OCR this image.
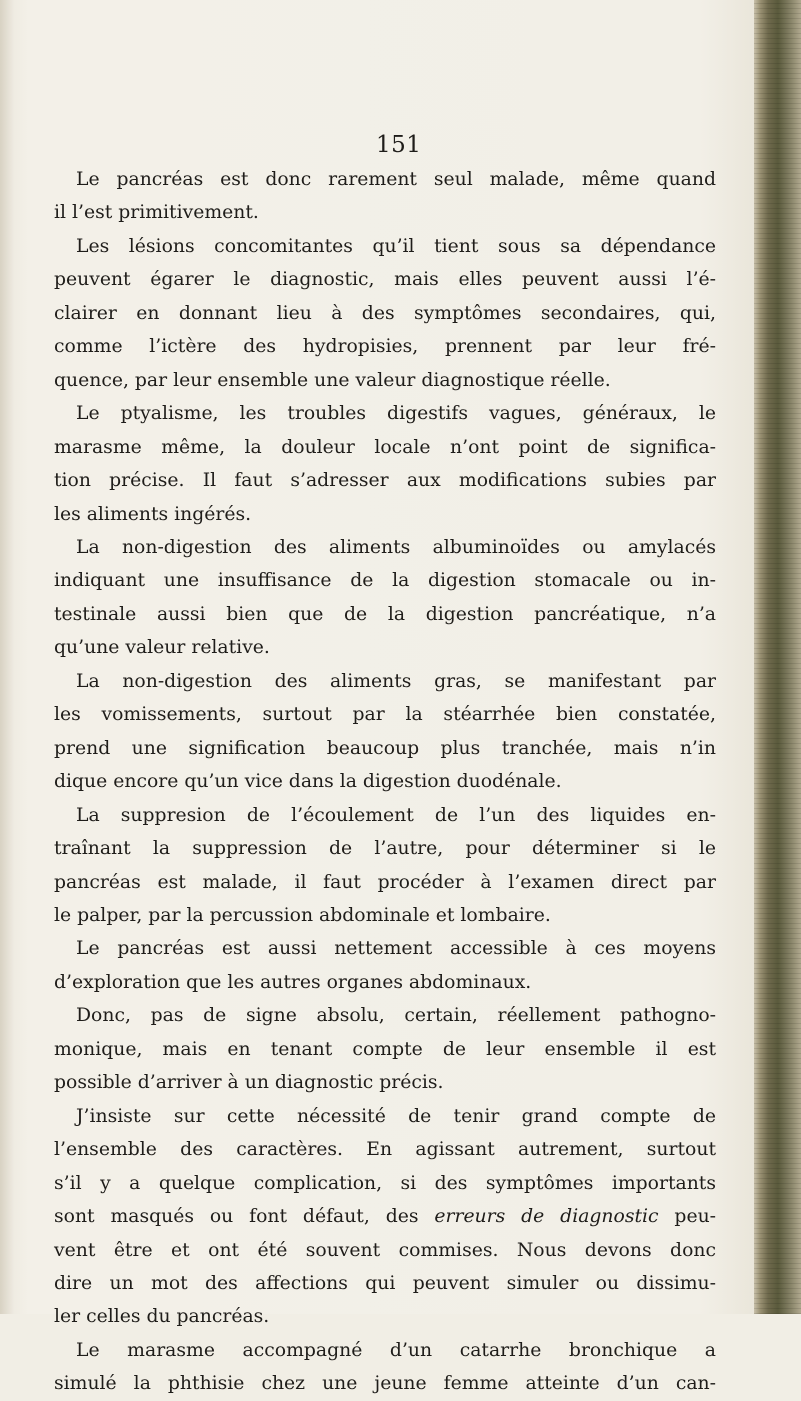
151
Le pancréas est donc rarement seul malade, même quand
il l’est primitivement.
Les lésions concomitantes qu’il tient sous sa dépendance
peuvent égarer le diagnostic, mais elles peuvent aussi l’é-
clairer en donnant lieu à des symptômes secondaires, qui,
comme l’ictère des hydropisies, prennent par leur fré-
quence, par leur ensemble une valeur diagnostique réelle.
Le ptyalisme, les troubles digestifs vagues, généraux, le
marasme même, la douleur locale n’ont point de significa-
tion précise. Il faut s’adresser aux modifications subies par
les aliments ingérés.
La non-digestion des aliments albuminoïdes ou amylacés
indiquant une insuffisance de la digestion stomacale ou in-
testinale aussi bien que de la digestion pancréatique, n’a
qu’une valeur relative.
La non-digestion des aliments gras, se manifestant par
les vomissements, surtout par la stéarrhée bien constatée,
prend une signification beaucoup plus tranchée, mais n’in
dique encore qu’un vice dans la digestion duodénale.
La suppresion de l’écoulement de l’un des liquides en-
traînant la suppression de l’autre, pour déterminer si le
pancréas est malade, il faut procéder à l’examen direct par
le palper, par la percussion abdominale et lombaire.
Le pancréas est aussi nettement accessible à ces moyens
d’exploration que les autres organes abdominaux.
Donc, pas de signe absolu, certain, réellement pathogno-
monique, mais en tenant compte de leur ensemble il est
possible d’arriver à un diagnostic précis.
J’insiste sur cette nécessité de tenir grand compte de
l’ensemble des caractères. En agissant autrement, surtout
s’il y a quelque complication, si des symptômes importants
sont masqués ou font défaut, des erreurs de diagnostic peu-
vent être et ont été souvent commises. Nous devons donc
dire un mot des affections qui peuvent simuler ou dissimu-
ler celles du pancréas.
Le marasme accompagné d’un catarrhe bronchique a
simulé la phthisie chez une jeune femme atteinte d’un can-
